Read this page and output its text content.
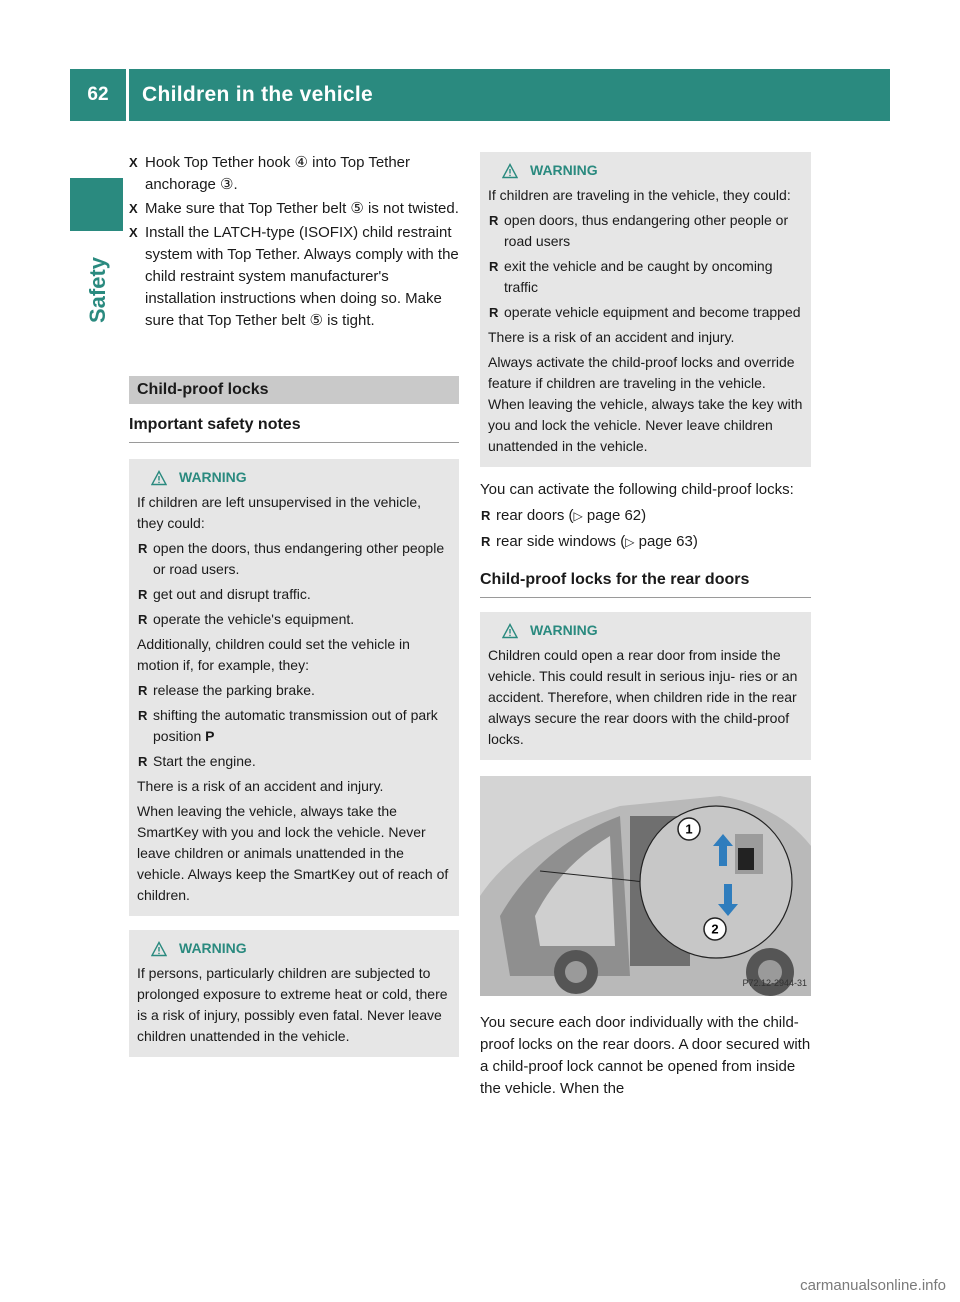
62	Children in the vehicle
Safety
X Hook Top Tether hook ④ into Top Tether anchorage ③.
X Make sure that Top Tether belt ⑤ is not twisted.
X Install the LATCH-type (ISOFIX) child restraint system with Top Tether. Always comply with the child restraint system manufacturer's installation instructions when doing so. Make sure that Top Tether belt ⑤ is tight.
Child-proof locks
Important safety notes
WARNING

If children are left unsupervised in the vehicle, they could:

R open the doors, thus endangering other people or road users.
R get out and disrupt traffic.
R operate the vehicle's equipment.

Additionally, children could set the vehicle in motion if, for example, they:

R release the parking brake.
R shifting the automatic transmission out of park position P
R Start the engine.

There is a risk of an accident and injury.

When leaving the vehicle, always take the SmartKey with you and lock the vehicle. Never leave children or animals unattended in the vehicle. Always keep the SmartKey out of reach of children.

WARNING

If persons, particularly children are subjected to prolonged exposure to extreme heat or cold, there is a risk of injury, possibly even fatal. Never leave children unattended in the vehicle.

WARNING

If children are traveling in the vehicle, they could:

R open doors, thus endangering other people or road users
R exit the vehicle and be caught by oncoming traffic
R operate vehicle equipment and become trapped

There is a risk of an accident and injury.

Always activate the child-proof locks and override feature if children are traveling in the vehicle. When leaving the vehicle, always take the key with you and lock the vehicle. Never leave children unattended in the vehicle.

You can activate the following child-proof locks:

R rear doors (▷ page 62)
R rear side windows (▷ page 63)
Child-proof locks for the rear doors
WARNING

Children could open a rear door from inside the vehicle. This could result in serious inju- ries or an accident. Therefore, when children ride in the rear always secure the rear doors with the child-proof locks.

1
2
P72.12-2944-31

You secure each door individually with the child-proof locks on the rear doors. A door secured with a child-proof lock cannot be opened from inside the vehicle. When the

carmanualsonline.info
